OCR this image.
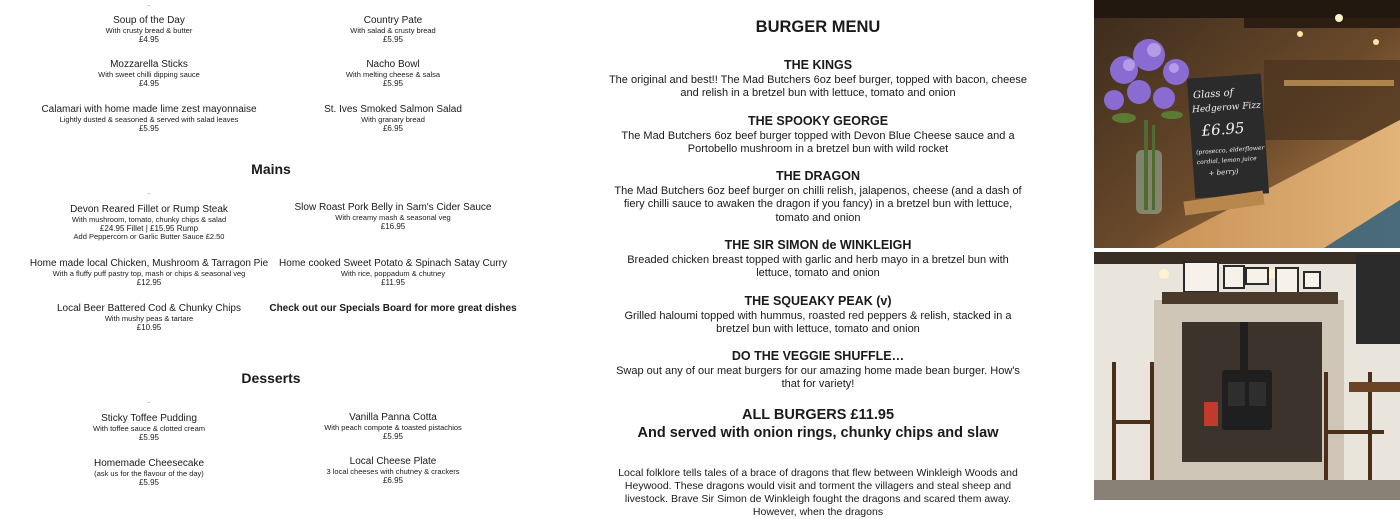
·
Soup of the Day
With crusty bread & butter
£4.95
Country Pate
With salad & crusty bread
£5.95
Mozzarella Sticks
With sweet chilli dipping sauce
£4.95
Nacho Bowl
With melting cheese & salsa
£5.95
Calamari with home made lime zest mayonnaise
Lightly dusted & seasoned & served with salad leaves
£5.95
St. Ives Smoked Salmon Salad
With granary bread
£6.95
Mains
·
Devon Reared Fillet or Rump Steak
With mushroom, tomato, chunky chips & salad
£24.95 Fillet | £15.95 Rump
Add Peppercorn or Garlic Butter Sauce £2.50
Slow Roast Pork Belly in Sam's Cider Sauce
With creamy mash & seasonal veg
£16.95
Home made local Chicken, Mushroom & Tarragon Pie
With a fluffy puff pastry top, mash or chips & seasonal veg
£12.95
Home cooked Sweet Potato & Spinach Satay Curry
With rice, poppadum & chutney
£11.95
Local Beer Battered Cod & Chunky Chips
With mushy peas & tartare
£10.95
Check out our Specials Board for more great dishes
Desserts
·
Sticky Toffee Pudding
With toffee sauce & clotted cream
£5.95
Vanilla Panna Cotta
With peach compote & toasted pistachios
£5.95
Homemade Cheesecake
(ask us for the flavour of the day)
£5.95
Local Cheese Plate
3 local cheeses with chutney & crackers
£6.95
BURGER MENU
THE KINGS
The original and best!! The Mad Butchers 6oz beef burger, topped with bacon, cheese and relish in a bretzel bun with lettuce, tomato and onion
THE SPOOKY GEORGE
The Mad Butchers 6oz beef burger topped with Devon Blue Cheese sauce and a Portobello mushroom in a bretzel bun with wild rocket
THE DRAGON
The Mad Butchers 6oz beef burger on chilli relish, jalapenos, cheese (and a dash of fiery chilli sauce to awaken the dragon if you fancy) in a bretzel bun with lettuce, tomato and onion
THE SIR SIMON de WINKLEIGH
Breaded chicken breast topped with garlic and herb mayo in a bretzel bun with lettuce, tomato and onion
THE SQUEAKY PEAK (v)
Grilled haloumi topped with hummus, roasted red peppers & relish, stacked in a bretzel bun with lettuce, tomato and onion
DO THE VEGGIE SHUFFLE…
Swap out any of our meat burgers for our amazing home made bean burger. How's that for variety!
ALL BURGERS £11.95
And served with onion rings, chunky chips and slaw
Local folklore tells tales of a brace of dragons that flew between Winkleigh Woods and Heywood. These dragons would visit and torment the villagers and steal sheep and livestock. Brave Sir Simon de Winkleigh fought the dragons and scared them away. However, when the dragons
Glass of
Hedgerow Fizz
£6.95
(prosecco, elderflower
cordial, lemon juice
+ berry)
